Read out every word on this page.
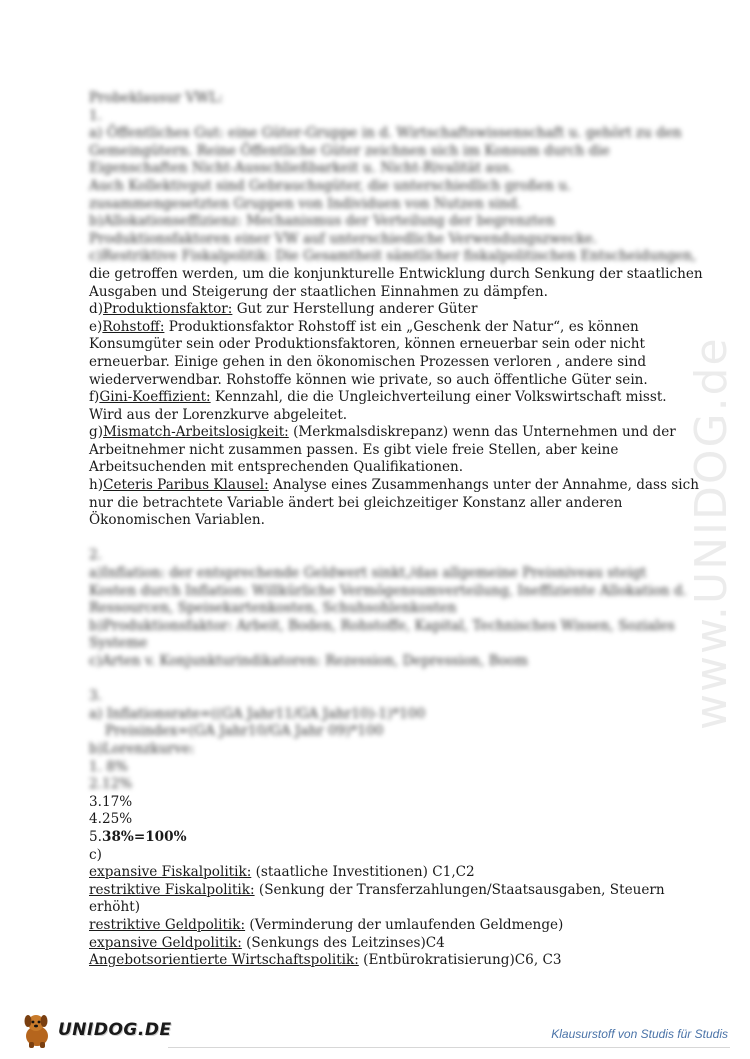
www.UNIDOG.de
Probeklausur VWL:
1.
a) Öffentliches Gut: eine Güter-Gruppe in d. Wirtschaftswissenschaft u. gehört zu den
Gemeingütern. Reine Öffentliche Güter zeichnen sich im Konsum durch die
Eigenschaften Nicht-Ausschließbarkeit u. Nicht-Rivalität aus.
Auch Kollektivgut sind Gebrauchsgüter, die unterschiedlich großen u.
zusammengesetzten Gruppen von Individuen von Nutzen sind.
b)Allokationseffizienz: Mechanismus der Verteilung der begrenzten
Produktionsfaktoren einer VW auf unterschiedliche Verwendungszwecke.
c)Restriktive Fiskalpolitik: Die Gesamtheit sämtlicher fiskalpolitischen Entscheidungen,
die getroffen werden, um die konjunkturelle Entwicklung durch Senkung der staatlichen
Ausgaben und Steigerung der staatlichen Einnahmen zu dämpfen.
d)Produktionsfaktor: Gut zur Herstellung anderer Güter
e)Rohstoff: Produktionsfaktor Rohstoff ist ein „Geschenk der Natur“, es können
Konsumgüter sein oder Produktionsfaktoren, können erneuerbar sein oder nicht
erneuerbar. Einige gehen in den ökonomischen Prozessen verloren , andere sind
wiederverwendbar. Rohstoffe können wie private, so auch öffentliche Güter sein.
f)Gini-Koeffizient: Kennzahl, die die Ungleichverteilung einer Volkswirtschaft misst.
Wird aus der Lorenzkurve abgeleitet.
g)Mismatch-Arbeitslosigkeit: (Merkmalsdiskrepanz) wenn das Unternehmen und der
Arbeitnehmer nicht zusammen passen. Es gibt viele freie Stellen, aber keine
Arbeitsuchenden mit entsprechenden Qualifikationen.
h)Ceteris Paribus Klausel: Analyse eines Zusammenhangs unter der Annahme, dass sich
nur die betrachtete Variable ändert bei gleichzeitiger Konstanz aller anderen
Ökonomischen Variablen.
2.
a)Inflation: der entsprechende Geldwert sinkt,/das allgemeine Preisniveau steigt
Kosten durch Inflation: Willkürliche Vermögensumverteilung, Ineffiziente Allokation d.
Ressourcen, Speisekartenkosten, Schuhsohlenkosten
b)Produktionsfaktor: Arbeit, Boden, Rohstoffe, Kapital, Technisches Wissen, Soziales
Systeme
c)Arten v. Konjunkturindikatoren: Rezession, Depression, Boom
3.
a) Inflationsrate=((GA Jahr11/GA Jahr10)-1)*100
Preisindex=(GA Jahr10/GA Jahr 09)*100
b)Lorenzkurve:
1. 8%
2.12%
3.17%
4.25%
5.38%=100%
c)
expansive Fiskalpolitik: (staatliche Investitionen) C1,C2
restriktive Fiskalpolitik: (Senkung der Transferzahlungen/Staatsausgaben, Steuern
erhöht)
restriktive Geldpolitik: (Verminderung der umlaufenden Geldmenge)
expansive Geldpolitik: (Senkungs des Leitzinses)C4
Angebotsorientierte Wirtschaftspolitik: (Entbürokratisierung)C6, C3
UNIDOG.DE	Klausurstoff von Studis für Studis
